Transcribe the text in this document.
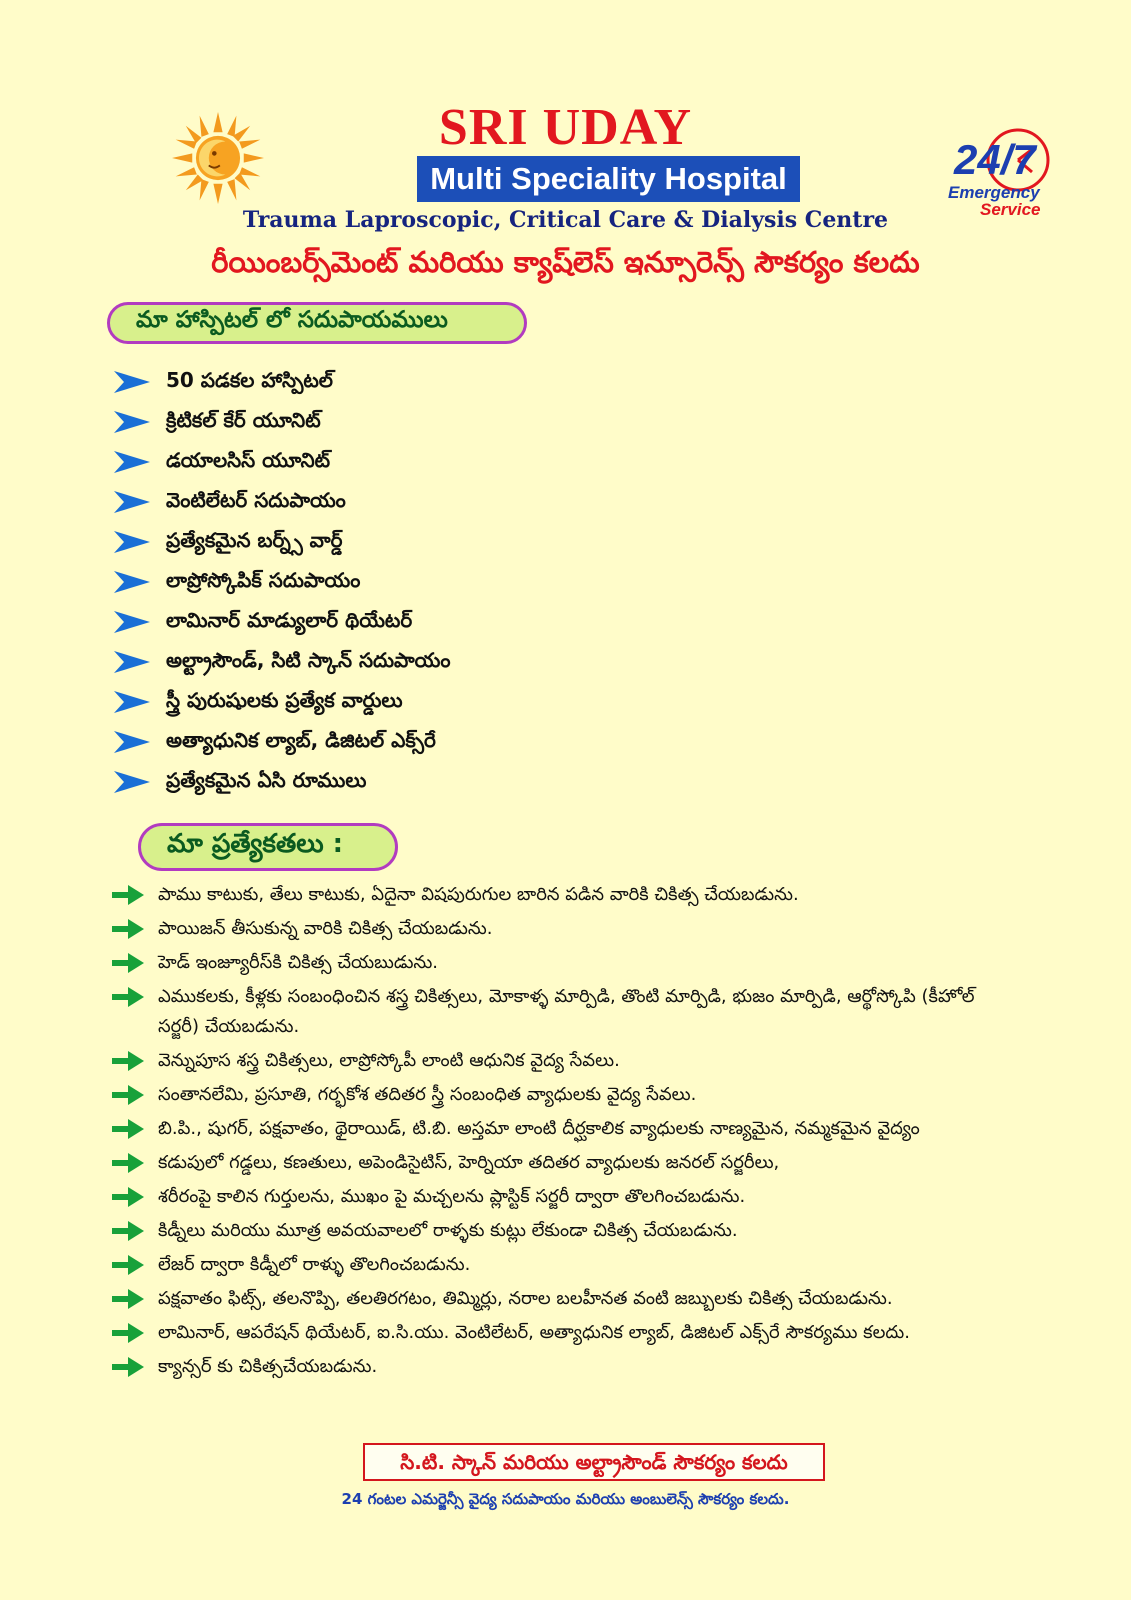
SRI UDAY
Multi Speciality Hospital
Trauma Laproscopic, Critical Care & Dialysis Centre
రీయింబర్స్‌మెంట్ మరియు క్యాష్‌లెస్ ఇన్సూరెన్స్ సౌకర్యం కలదు
24/7
Emergency
Service
మా హాస్పిటల్ లో సదుపాయములు
50 పడకల హాస్పిటల్
క్రిటికల్ కేర్ యూనిట్
డయాలసిస్ యూనిట్
వెంటిలేటర్ సదుపాయం
ప్రత్యేకమైన బర్న్స్ వార్డ్
లాప్రోస్కోపిక్ సదుపాయం
లామినార్ మాడ్యులార్ థియేటర్
అల్ట్రాసౌండ్, సిటి స్కాన్ సదుపాయం
స్త్రీ పురుషులకు ప్రత్యేక వార్డులు
అత్యాధునిక ల్యాబ్, డిజిటల్ ఎక్స్‌రే
ప్రత్యేకమైన ఏసి రూములు
మా ప్రత్యేకతలు :
పాము కాటుకు, తేలు కాటుకు, ఏదైనా విషపురుగుల బారిన పడిన వారికి చికిత్స చేయబడును.
పాయిజన్ తీసుకున్న వారికి చికిత్స చేయబడును.
హెడ్ ఇంజ్యూరీస్‌కి చికిత్స చేయబుడును.
ఎముకలకు, కీళ్లకు సంబంధించిన శస్త్ర చికిత్సలు, మోకాళ్ళ మార్పిడి, తొంటి మార్పిడి, భుజం మార్పిడి, ఆర్థోస్కోపి (కీహోల్ సర్జరీ) చేయబడును.
వెన్నుపూస శస్త్ర చికిత్సలు, లాప్రోస్కోపీ లాంటి ఆధునిక వైద్య సేవలు.
సంతానలేమి, ప్రసూతి, గర్భకోశ తదితర స్త్రీ సంబంధిత వ్యాధులకు వైద్య సేవలు.
బి.పి., షుగర్, పక్షవాతం, థైరాయిడ్, టి.బి. అస్తమా లాంటి దీర్ఘకాలిక వ్యాధులకు నాణ్యమైన, నమ్మకమైన వైద్యం
కడుపులో గడ్డలు, కణతులు, అపెండిసైటిస్, హెర్నియా తదితర వ్యాధులకు జనరల్ సర్జరీలు,
శరీరంపై కాలిన గుర్తులను, ముఖం పై మచ్చలను ప్లాస్టిక్ సర్జరీ ద్వారా తొలగించబడును.
కిడ్నీలు మరియు మూత్ర అవయవాలలో రాళ్ళకు కుట్లు లేకుండా చికిత్స చేయబడును.
లేజర్ ద్వారా కిడ్నీలో రాళ్ళు తొలగించబడును.
పక్షవాతం ఫిట్స్, తలనొప్పి, తలతిరగటం, తిమ్మిర్లు, నరాల బలహీనత వంటి జబ్బులకు చికిత్స చేయబడును.
లామినార్, ఆపరేషన్ థియేటర్, ఐ.సి.యు. వెంటిలేటర్, అత్యాధునిక ల్యాబ్, డిజిటల్ ఎక్స్‌రే సౌకర్యము కలదు.
క్యాన్సర్ కు చికిత్సచేయబడును.
సి.టి. స్కాన్ మరియు అల్ట్రాసౌండ్ సౌకర్యం కలదు
24 గంటల ఎమర్జెన్సీ వైద్య సదుపాయం మరియు అంబులెన్స్ సౌకర్యం కలదు.
